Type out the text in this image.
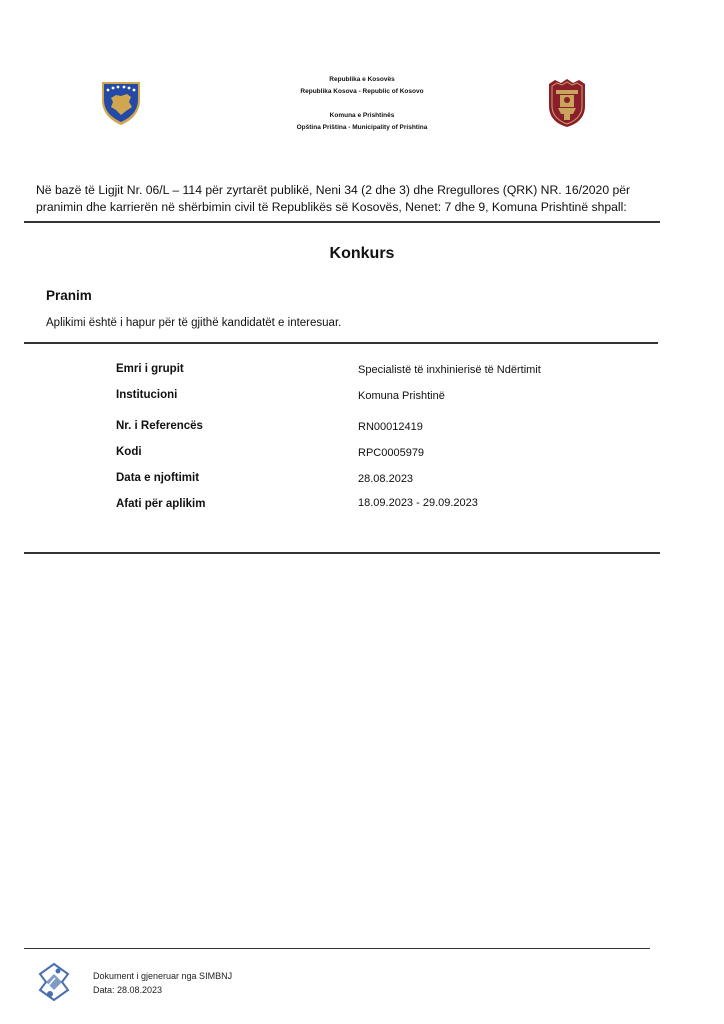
Republika e Kosovës
Republika Kosova - Republic of Kosovo
Komuna e Prishtinës
Opština Priština - Municipality of Prishtina
Në bazë të Ligjit Nr. 06/L – 114 për zyrtarët publikë, Neni 34 (2 dhe 3) dhe Rregullores (QRK) NR. 16/2020 për pranimin dhe karrierën në shërbimin civil të Republikës së Kosovës, Nenet: 7 dhe 9, Komuna Prishtinë shpall:
Konkurs
Pranim
Aplikimi është i hapur për të gjithë kandidatët e interesuar.
Emri i grupit	Specialistë të inxhinierisë të Ndërtimit
Institucioni	Komuna Prishtinë
Nr. i Referencës	RN00012419
Kodi	RPC0005979
Data e njoftimit	28.08.2023
Afati për aplikim	18.09.2023 - 29.09.2023
Dokument i gjeneruar nga SIMBNJ
Data: 28.08.2023
